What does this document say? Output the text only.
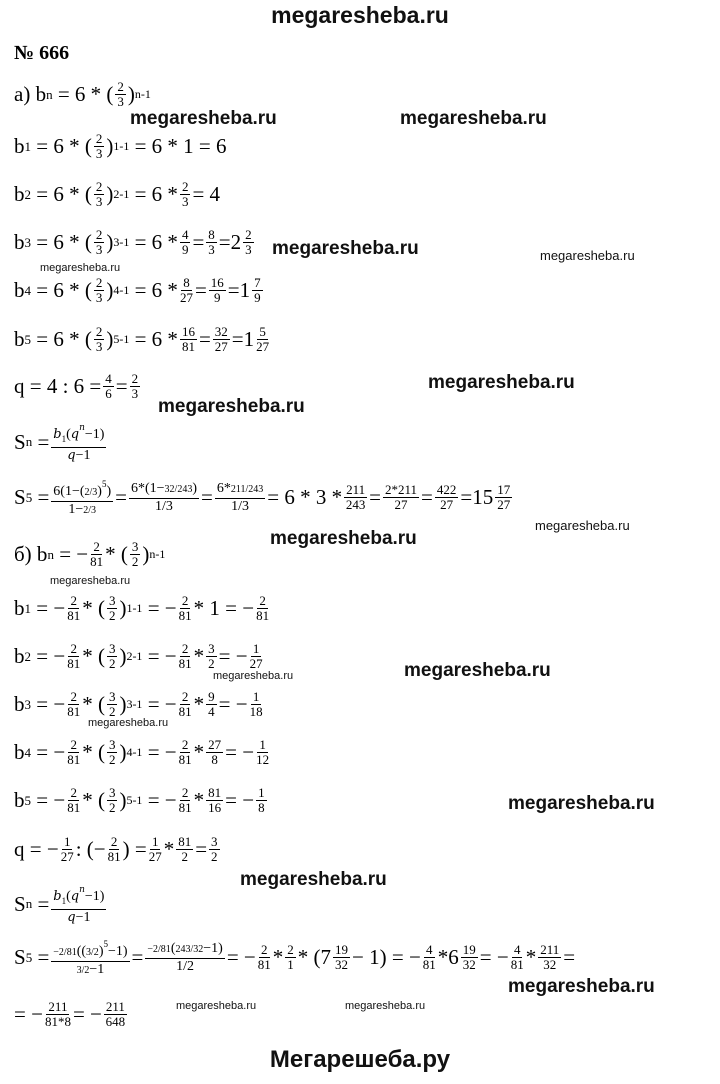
megaresheba.ru
№ 666
megaresheba.ru	megaresheba.ru
megaresheba.ru	megaresheba.ru
megaresheba.ru
megaresheba.ru
megaresheba.ru
megaresheba.ru
megaresheba.ru
megaresheba.ru
megaresheba.ru
megaresheba.ru
megaresheba.ru
megaresheba.ru
megaresheba.ru
megaresheba.ru	megaresheba.ru
megaresheba.ru
а) b n = 6 * ( 2
3 ) n-1
b 1 = 6 * ( 2
3 ) 1-1 = 6 * 1 = 6
b 2 = 6 * ( 2
3 ) 2-1 = 6 * 2
3 = 4
b 3 = 6 * ( 2
3 ) 3-1 = 6 * 4
9 = 8
3 = 2 2
3
b 4 = 6 * ( 2
3 ) 4-1 = 6 * 8
27 = 16
9 = 1 7
9
b 5 = 6 * ( 2
3 ) 5-1 = 6 * 16
81 = 32
27 = 1 5
27
q = 4 : 6 = 4
6 = 2
3
S $n = b_1(q^n-1)$
q−1
S $5 = 6(1-(2/3)^5)$
1−2/3
= 6*(1−32/243)
1/3 = 6*211/243
1/3 = 6 * 3 * 211
243 = 2*211
27 = 422
27 = 15 17
27
б) b n = − 2
81 * ( 3
2 ) n-1
b 1 = − 2
81 * ( 3
2 ) 1-1 = − 2
81 * 1 = − 2
81
b 2 = − 2
81 * ( 3
2 ) 2-1 = − 2
81 * 3
2 = − 1
27
b 3 = − 2
81 * ( 3
2 ) 3-1 = − 2
81 * 9
4 = − 1
18
b 4 = − 2
81 * ( 3
2 ) 4-1 = − 2
81 * 27
8 = − 1
12
b 5 = − 2
81 * ( 3
2 ) 5-1 = − 2
81 * 81
16 = − 1
8
q = − 1
27 : (− 2
81 ) = 1
27 * 81
2 = 3
2
S $n = b_1(q^n-1)$
q−1
S $5 = -2/81((3/2)^5-1)$
3/2−1
= −2/81(243/32−1)
1/2 = − 2
81 * 2
1 * ( 7 19
32 − 1) = − 4
81 * 6 19
32 = − 4
81 * 211
32 =
= − 211
81*8 = − 211
648
Мегарешеба.ру
